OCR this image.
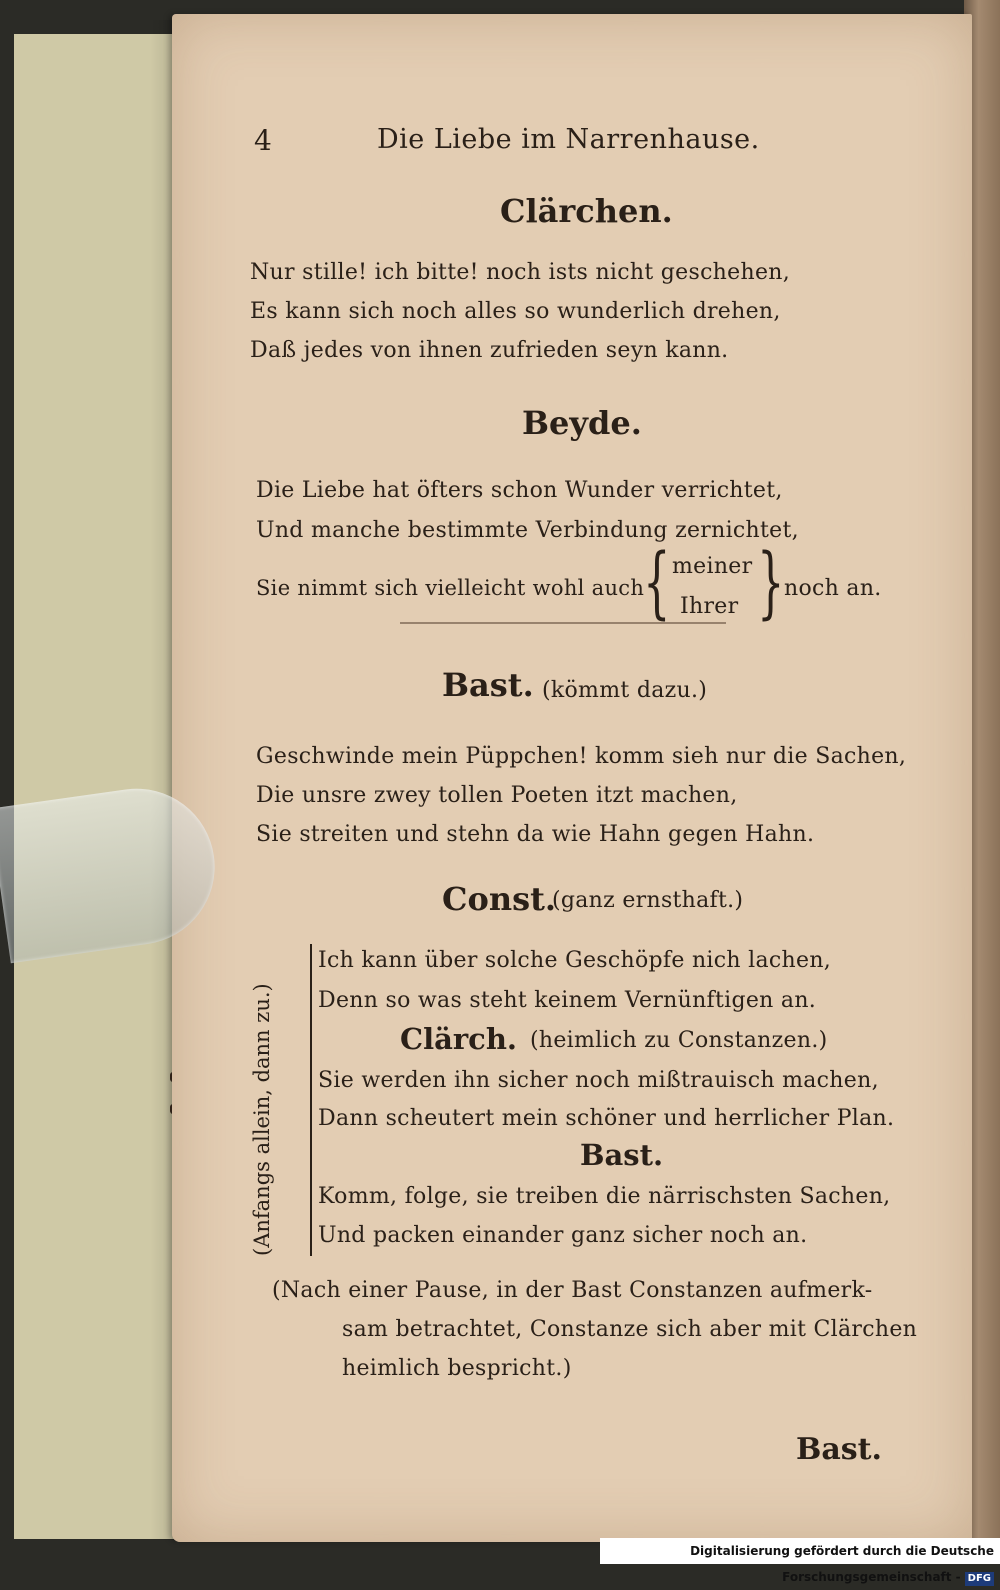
4	Die Liebe im Narrenhause.
Clärchen.
Nur stille! ich bitte! noch ists nicht geschehen,
Es kann sich noch alles so wunderlich drehen,
Daß jedes von ihnen zufrieden seyn kann.
Beyde.
Die Liebe hat öfters schon Wunder verrichtet,
Und manche bestimmte Verbindung zernichtet,
Sie nimmt sich vielleicht wohl auch
{ meiner
Ihrer } noch an.
Bast. (kömmt dazu.)
Geschwinde mein Püppchen! komm sieh nur die Sachen,
Die unsre zwey tollen Poeten itzt machen,
Sie streiten und stehn da wie Hahn gegen Hahn.
Const.
(ganz ernsthaft.)
(Anfangs allein, dann zu.)
Ich kann über solche Geschöpfe nich lachen,
Denn so was steht keinem Vernünftigen an.
Clärch. (heimlich zu Constanzen.)
Sie werden ihn sicher noch mißtrauisch machen,
Dann scheutert mein schöner und herrlicher Plan.
Bast.
Komm, folge, sie treiben die närrischsten Sachen,
Und packen einander ganz sicher noch an.
(Nach einer Pause, in der Bast Constanzen aufmerk-
sam betrachtet, Constanze sich aber mit Clärchen
heimlich bespricht.)
Bast.
Digitalisierung gefördert durch die Deutsche Forschungsgemeinschaft - DFG
